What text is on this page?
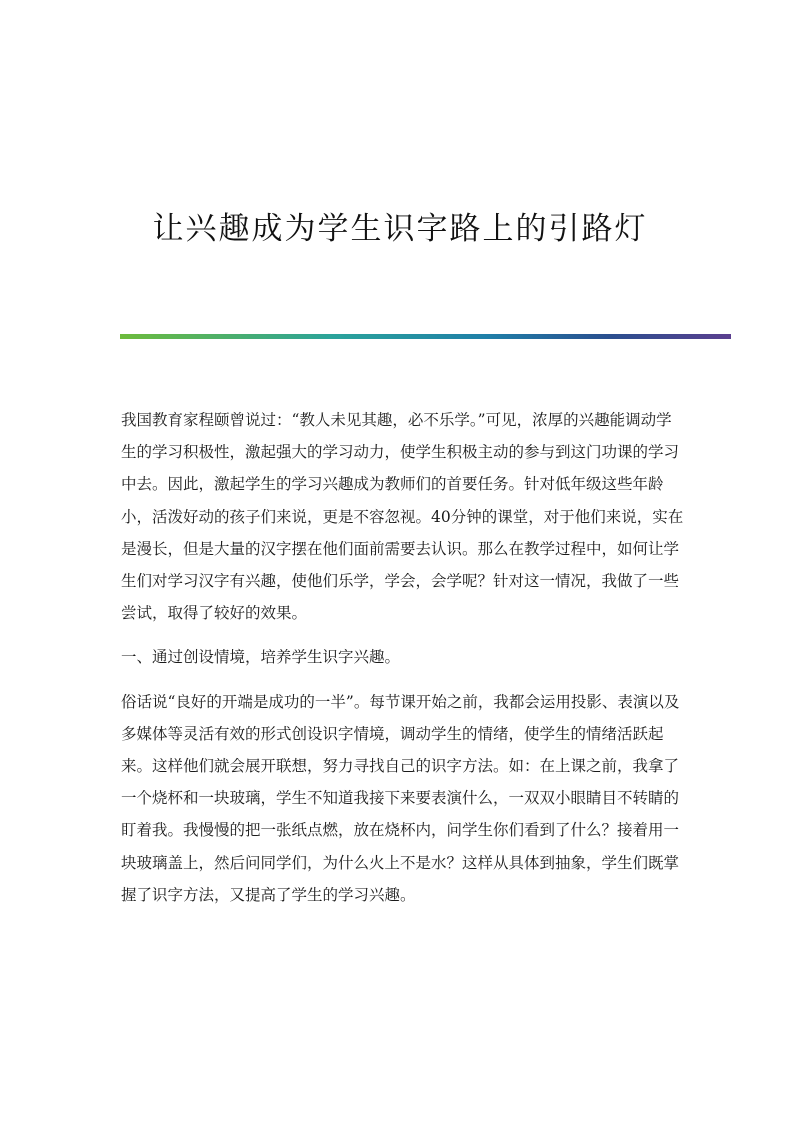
让兴趣成为学生识字路上的引路灯

我国教育家程颐曾说过：“教人未见其趣，必不乐学。”可见，浓厚的兴趣能调动学生的学习积极性，激起强大的学习动力，使学生积极主动的参与到这门功课的学习中去。因此，激起学生的学习兴趣成为教师们的首要任务。针对低年级这些年龄小，活泼好动的孩子们来说，更是不容忽视。40分钟的课堂，对于他们来说，实在是漫长，但是大量的汉字摆在他们面前需要去认识。那么在教学过程中，如何让学生们对学习汉字有兴趣，使他们乐学，学会，会学呢？针对这一情况，我做了一些尝试，取得了较好的效果。

一、通过创设情境，培养学生识字兴趣。

俗话说“良好的开端是成功的一半”。每节课开始之前，我都会运用投影、表演以及多媒体等灵活有效的形式创设识字情境，调动学生的情绪，使学生的情绪活跃起来。这样他们就会展开联想，努力寻找自己的识字方法。如：在上课之前，我拿了一个烧杯和一块玻璃，学生不知道我接下来要表演什么，一双双小眼睛目不转睛的盯着我。我慢慢的把一张纸点燃，放在烧杯内，问学生你们看到了什么？接着用一块玻璃盖上，然后问同学们，为什么火上不是水？这样从具体到抽象，学生们既掌握了识字方法，又提高了学生的学习兴趣。
